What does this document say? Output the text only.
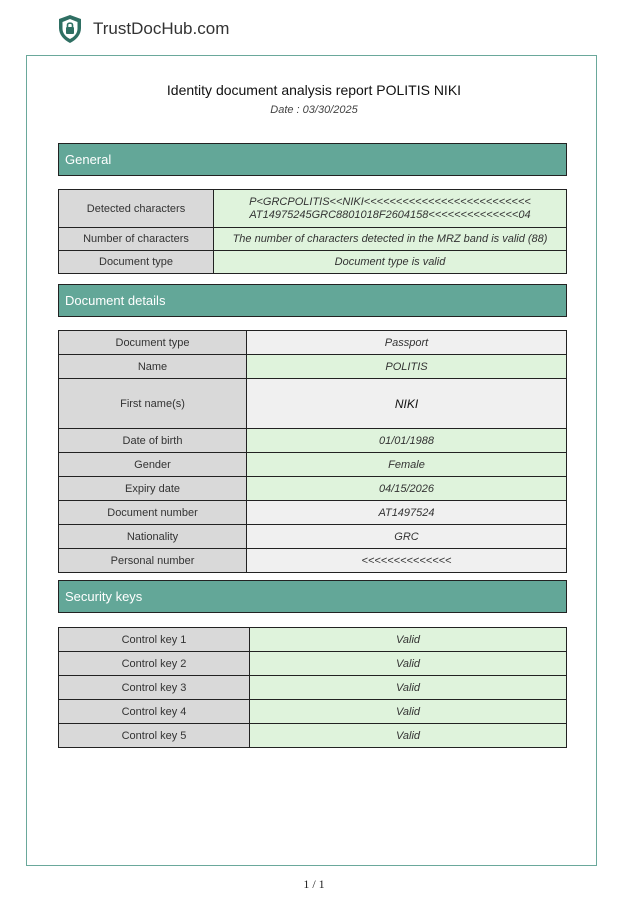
TrustDocHub.com
Identity document analysis report POLITIS NIKI
Date : 03/30/2025
General
Detected characters	P<GRCPOLITIS<<NIKI<<<<<<<<<<<<<<<<<<<<<<<<<<
AT14975245GRC8801018F2604158<<<<<<<<<<<<<<04

Number of characters	The number of characters detected in the MRZ band is valid (88)
Document type	Document type is valid
Document details
Document type	Passport
Name	POLITIS
First name(s)	NIKI
Date of birth	01/01/1988
Gender	Female
Expiry date	04/15/2026
Document number	AT1497524
Nationality	GRC
Personal number	<<<<<<<<<<<<<<
Security keys
Control key 1	Valid
Control key 2	Valid
Control key 3	Valid
Control key 4	Valid
Control key 5	Valid
1 / 1
